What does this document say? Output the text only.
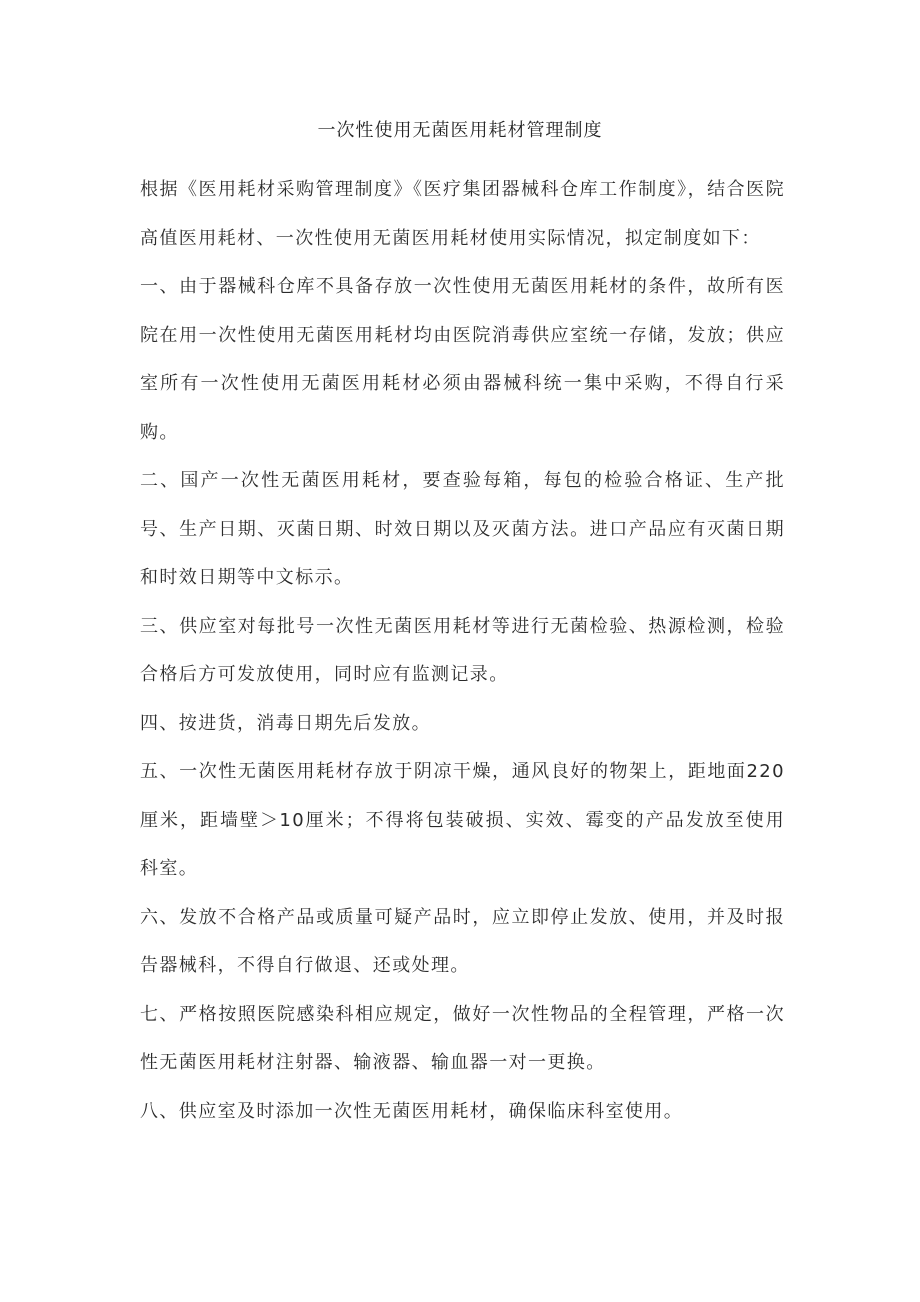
一次性使用无菌医用耗材管理制度

根据《医用耗材采购管理制度》《医疗集团器械科仓库工作制度》，结合医院高值医用耗材、一次性使用无菌医用耗材使用实际情况，拟定制度如下：

一、由于器械科仓库不具备存放一次性使用无菌医用耗材的条件，故所有医院在用一次性使用无菌医用耗材均由医院消毒供应室统一存储，发放；供应室所有一次性使用无菌医用耗材必须由器械科统一集中采购，不得自行采购。

二、国产一次性无菌医用耗材，要查验每箱，每包的检验合格证、生产批号、生产日期、灭菌日期、时效日期以及灭菌方法。进口产品应有灭菌日期和时效日期等中文标示。

三、供应室对每批号一次性无菌医用耗材等进行无菌检验、热源检测，检验合格后方可发放使用，同时应有监测记录。

四、按进货，消毒日期先后发放。

五、一次性无菌医用耗材存放于阴凉干燥，通风良好的物架上，距地面220厘米，距墙壁＞10厘米；不得将包装破损、实效、霉变的产品发放至使用科室。

六、发放不合格产品或质量可疑产品时，应立即停止发放、使用，并及时报告器械科，不得自行做退、还或处理。

七、严格按照医院感染科相应规定，做好一次性物品的全程管理，严格一次性无菌医用耗材注射器、输液器、输血器一对一更换。

八、供应室及时添加一次性无菌医用耗材，确保临床科室使用。
